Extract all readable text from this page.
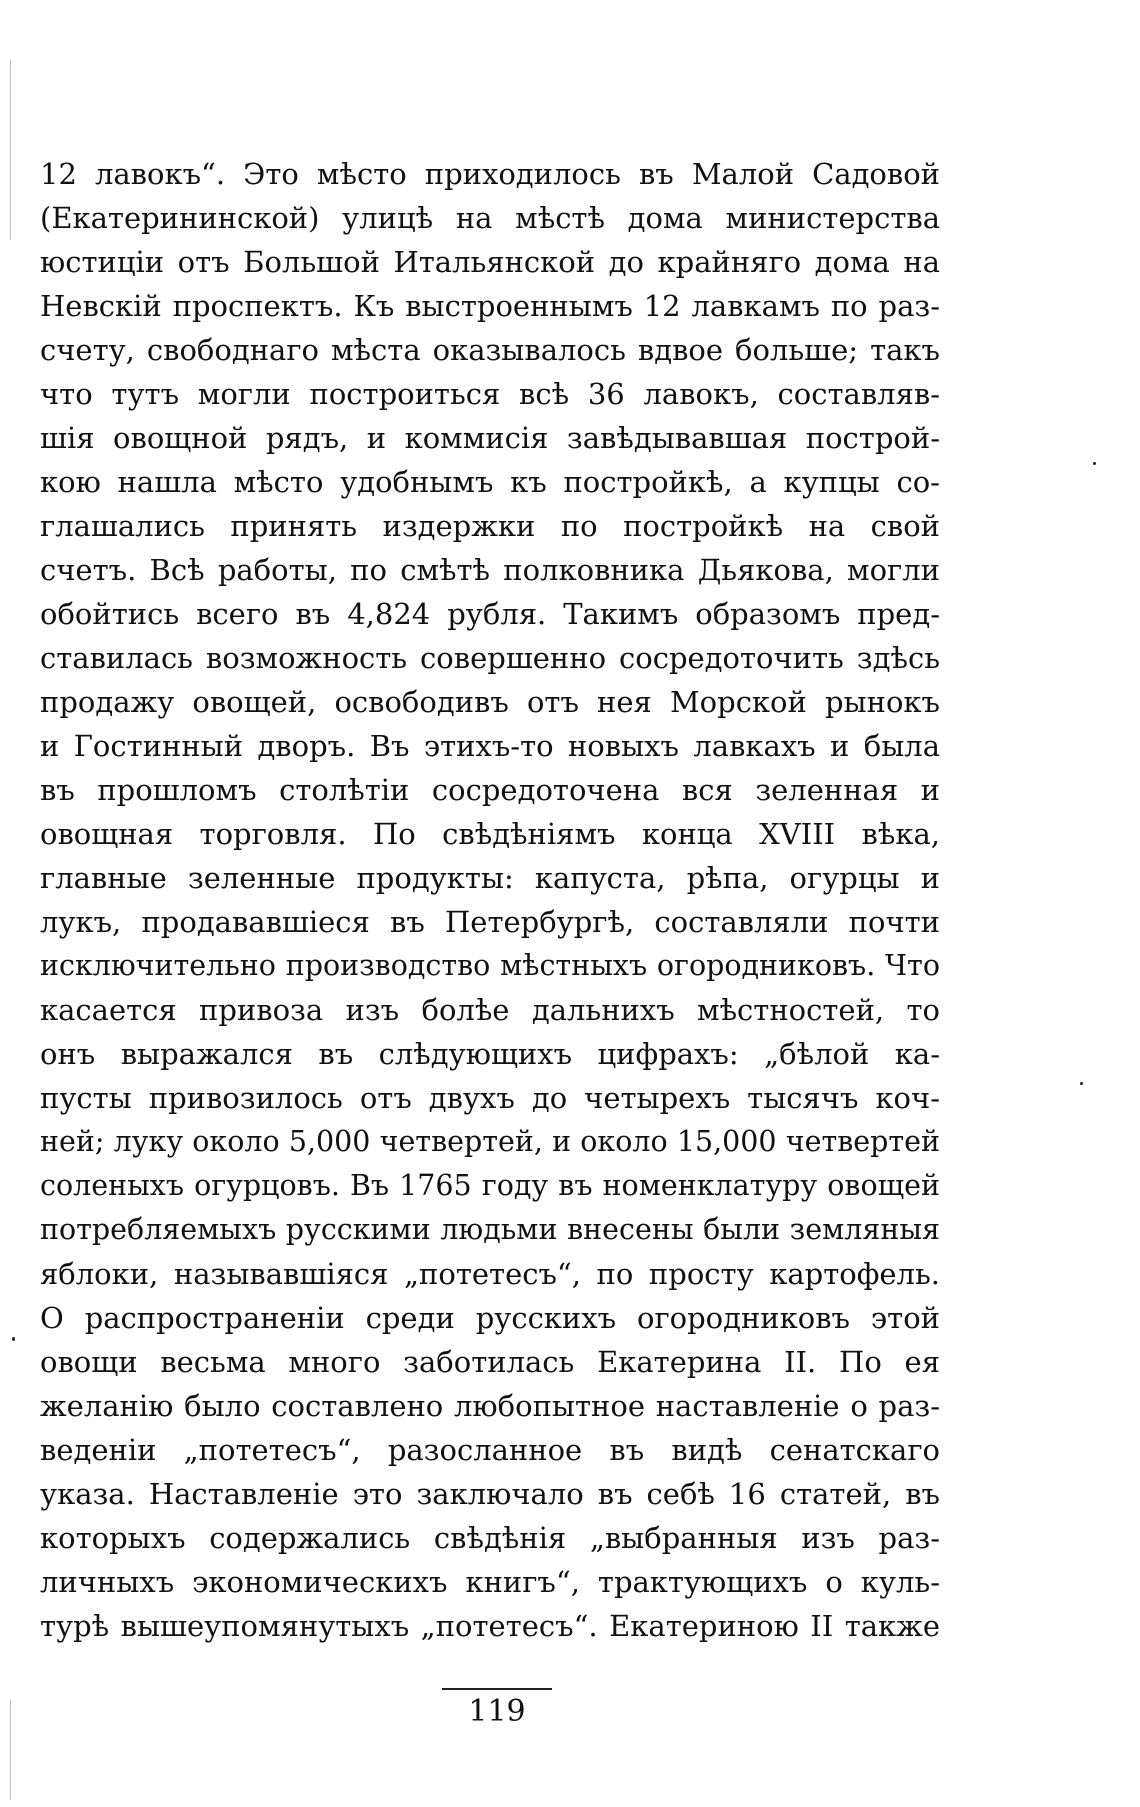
12 лавокъ“. Это мѣсто приходилось въ Малой Садовой
(Екатерининской) улицѣ на мѣстѣ дома министерства
юстиціи отъ Большой Итальянской до крайняго дома на
Невскій проспектъ. Къ выстроеннымъ 12 лавкамъ по раз-
счету, свободнаго мѣста оказывалось вдвое больше; такъ
что тутъ могли построиться всѣ 36 лавокъ, составляв-
шія овощной рядъ, и коммисія завѣдывавшая построй-
кою нашла мѣсто удобнымъ къ постройкѣ, а купцы со-
глашались принять издержки по постройкѣ на свой
счетъ. Всѣ работы, по смѣтѣ полковника Дьякова, могли
обойтись всего въ 4,824 рубля. Такимъ образомъ пред-
ставилась возможность совершенно сосредоточить здѣсь
продажу овощей, освободивъ отъ нея Морской рынокъ
и Гостинный дворъ. Въ этихъ-то новыхъ лавкахъ и была
въ прошломъ столѣтіи сосредоточена вся зеленная и
овощная торговля. По свѣдѣніямъ конца XVIII вѣка,
главные зеленные продукты: капуста, рѣпа, огурцы и
лукъ, продававшіеся въ Петербургѣ, составляли почти
исключительно производство мѣстныхъ огородниковъ. Что
касается привоза изъ болѣе дальнихъ мѣстностей, то
онъ выражался въ слѣдующихъ цифрахъ: „бѣлой ка-
пусты привозилось отъ двухъ до четырехъ тысячъ коч-
ней; луку около 5,000 четвертей, и около 15,000 четвертей
соленыхъ огурцовъ. Въ 1765 году въ номенклатуру овощей
потребляемыхъ русскими людьми внесены были земляныя
яблоки, называвшіяся „потетесъ“, по просту картофель.
О распространеніи среди русскихъ огородниковъ этой
овощи весьма много заботилась Екатерина II. По ея
желанію было составлено любопытное наставленіе о раз-
веденіи „потетесъ“, разосланное въ видѣ сенатскаго
указа. Наставленіе это заключало въ себѣ 16 статей, въ
которыхъ содержались свѣдѣнія „выбранныя изъ раз-
личныхъ экономическихъ книгъ“, трактующихъ о куль-
турѣ вышеупомянутыхъ „потетесъ“. Екатериною II также
119
